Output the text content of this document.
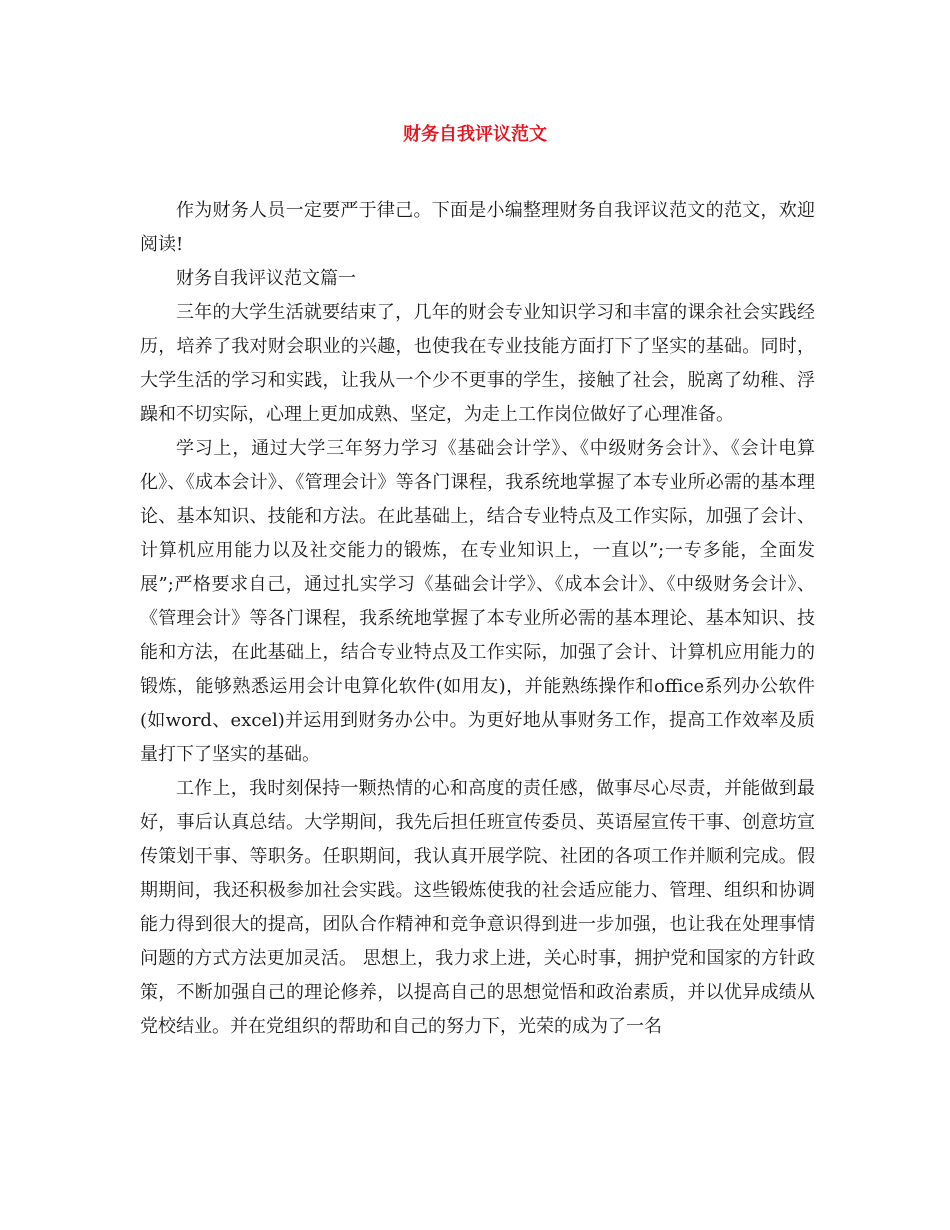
财务自我评议范文

作为财务人员一定要严于律己。下面是小编整理财务自我评议范文的范文，欢迎阅读!

财务自我评议范文篇一

三年的大学生活就要结束了，几年的财会专业知识学习和丰富的课余社会实践经历，培养了我对财会职业的兴趣，也使我在专业技能方面打下了坚实的基础。同时，大学生活的学习和实践，让我从一个少不更事的学生，接触了社会，脱离了幼稚、浮躁和不切实际，心理上更加成熟、坚定，为走上工作岗位做好了心理准备。

学习上，通过大学三年努力学习《基础会计学》、《中级财务会计》、《会计电算化》、《成本会计》、《管理会计》等各门课程，我系统地掌握了本专业所必需的基本理论、基本知识、技能和方法。在此基础上，结合专业特点及工作实际，加强了会计、计算机应用能力以及社交能力的锻炼，在专业知识上，一直以”;一专多能，全面发展”;严格要求自己，通过扎实学习《基础会计学》、《成本会计》、《中级财务会计》、《管理会计》等各门课程，我系统地掌握了本专业所必需的基本理论、基本知识、技能和方法，在此基础上，结合专业特点及工作实际，加强了会计、计算机应用能力的锻炼，能够熟悉运用会计电算化软件(如用友)，并能熟练操作和office系列办公软件(如word、excel)并运用到财务办公中。为更好地从事财务工作，提高工作效率及质量打下了坚实的基础。

工作上，我时刻保持一颗热情的心和高度的责任感，做事尽心尽责，并能做到最好，事后认真总结。大学期间，我先后担任班宣传委员、英语屋宣传干事、创意坊宣传策划干事、等职务。任职期间，我认真开展学院、社团的各项工作并顺利完成。假期期间，我还积极参加社会实践。这些锻炼使我的社会适应能力、管理、组织和协调能力得到很大的提高，团队合作精神和竞争意识得到进一步加强，也让我在处理事情问题的方式方法更加灵活。 思想上，我力求上进，关心时事，拥护党和国家的方针政策，不断加强自己的理论修养，以提高自己的思想觉悟和政治素质，并以优异成绩从党校结业。并在党组织的帮助和自己的努力下，光荣的成为了一名
